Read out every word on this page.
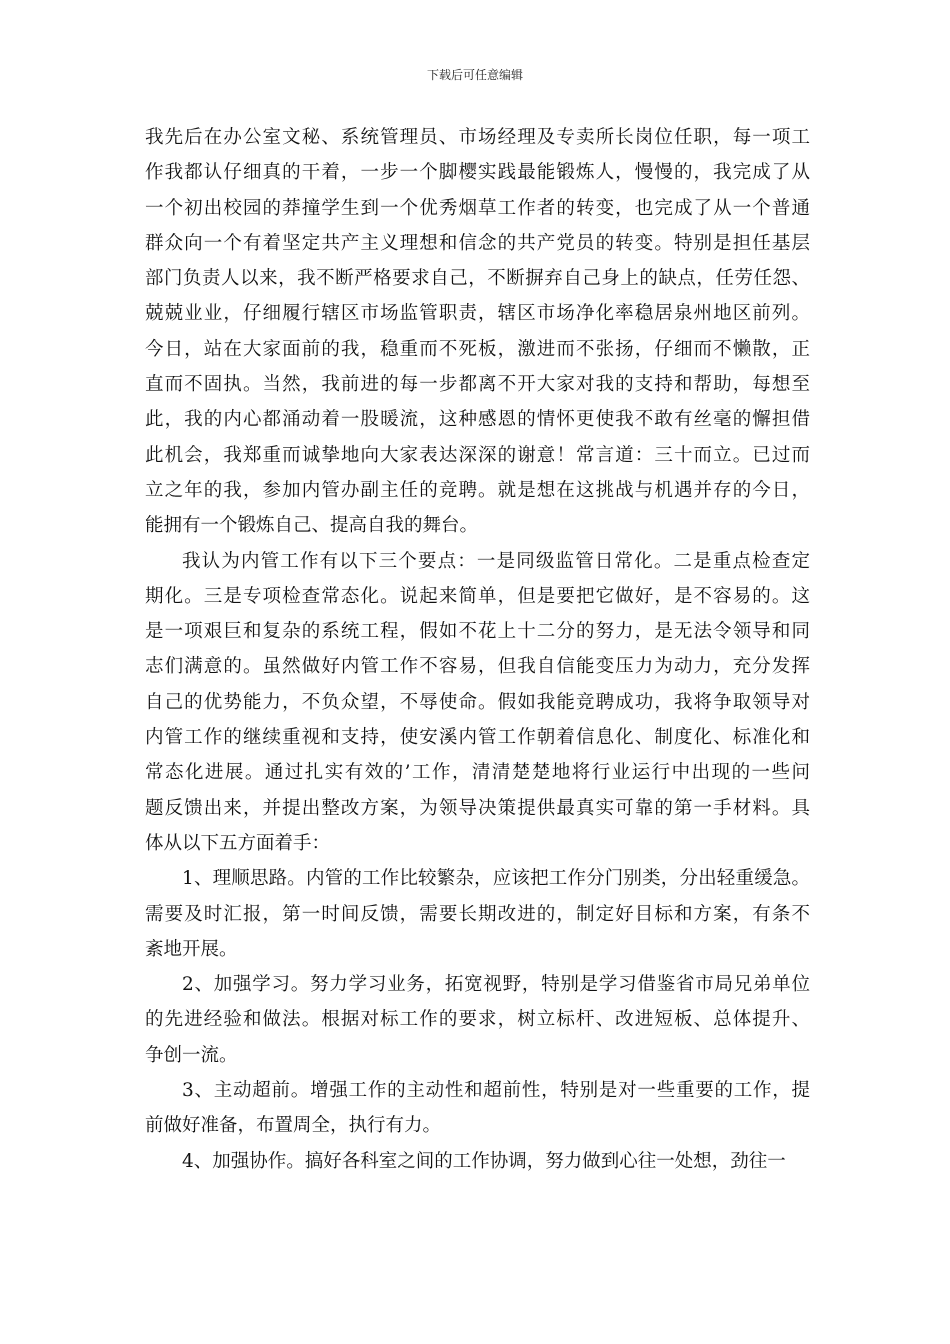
下载后可任意编辑
我先后在办公室文秘、系统管理员、市场经理及专卖所长岗位任职，每一项工
作我都认仔细真的干着，一步一个脚樱实践最能锻炼人，慢慢的，我完成了从
一个初出校园的莽撞学生到一个优秀烟草工作者的转变，也完成了从一个普通
群众向一个有着坚定共产主义理想和信念的共产党员的转变。特别是担任基层
部门负责人以来，我不断严格要求自己，不断摒弃自己身上的缺点，任劳任怨、
兢兢业业，仔细履行辖区市场监管职责，辖区市场净化率稳居泉州地区前列。
今日，站在大家面前的我，稳重而不死板，激进而不张扬，仔细而不懒散，正
直而不固执。当然，我前进的每一步都离不开大家对我的支持和帮助，每想至
此，我的内心都涌动着一股暖流，这种感恩的情怀更使我不敢有丝毫的懈担借
此机会，我郑重而诚挚地向大家表达深深的谢意！常言道：三十而立。已过而
立之年的我，参加内管办副主任的竞聘。就是想在这挑战与机遇并存的今日，
能拥有一个锻炼自己、提高自我的舞台。
我认为内管工作有以下三个要点：一是同级监管日常化。二是重点检查定
期化。三是专项检查常态化。说起来简单，但是要把它做好，是不容易的。这
是一项艰巨和复杂的系统工程，假如不花上十二分的努力，是无法令领导和同
志们满意的。虽然做好内管工作不容易，但我自信能变压力为动力，充分发挥
自己的优势能力，不负众望，不辱使命。假如我能竞聘成功，我将争取领导对
内管工作的继续重视和支持，使安溪内管工作朝着信息化、制度化、标准化和
常态化进展。通过扎实有效的’工作，清清楚楚地将行业运行中出现的一些问
题反馈出来，并提出整改方案，为领导决策提供最真实可靠的第一手材料。具
体从以下五方面着手：
1、理顺思路。内管的工作比较繁杂，应该把工作分门别类，分出轻重缓急。
需要及时汇报，第一时间反馈，需要长期改进的，制定好目标和方案，有条不
紊地开展。
2、加强学习。努力学习业务，拓宽视野，特别是学习借鉴省市局兄弟单位
的先进经验和做法。根据对标工作的要求，树立标杆、改进短板、总体提升、
争创一流。
3、主动超前。增强工作的主动性和超前性，特别是对一些重要的工作，提
前做好准备，布置周全，执行有力。
4、加强协作。搞好各科室之间的工作协调，努力做到心往一处想，劲往一
